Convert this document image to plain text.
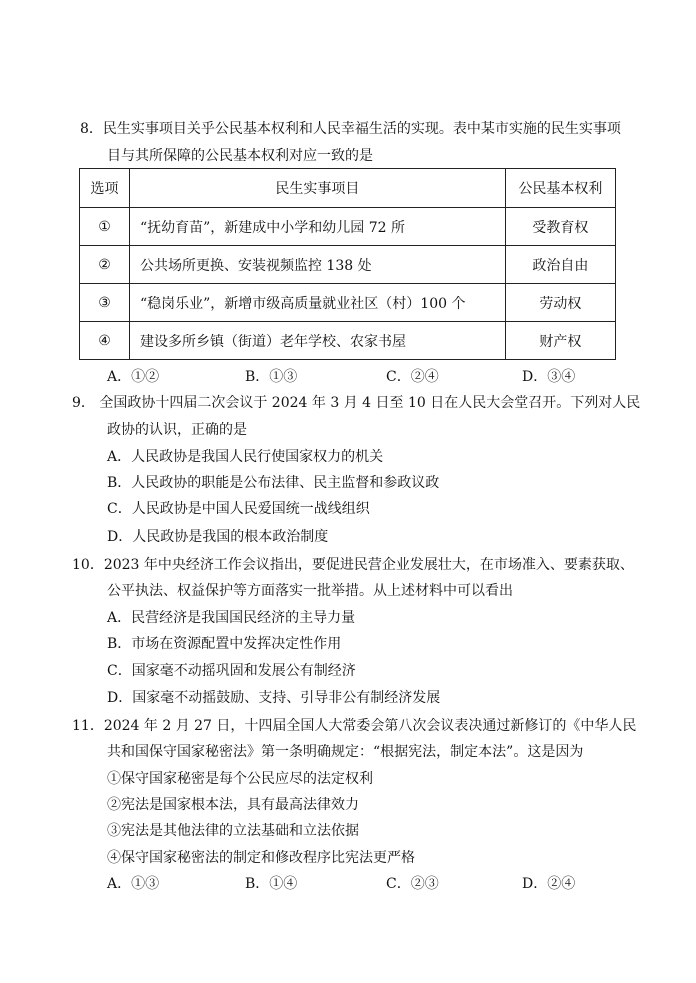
8．民生实事项目关乎公民基本权利和人民幸福生活的实现。表中某市实施的民生实事项
目与其所保障的公民基本权利对应一致的是
选项	民生实事项目	公民基本权利
①	“抚幼育苗”，新建成中小学和幼儿园 72 所	受教育权
②	公共场所更换、安装视频监控 138 处	政治自由
③	“稳岗乐业”，新增市级高质量就业社区（村）100 个	劳动权
④	建设多所乡镇（街道）老年学校、农家书屋	财产权
A．①②	B．①③	C．②④	D．③④
9． 全国政协十四届二次会议于 2024 年 3 月 4 日至 10 日在人民大会堂召开。下列对人民
政协的认识，正确的是
A．人民政协是我国人民行使国家权力的机关
B．人民政协的职能是公布法律、民主监督和参政议政
C．人民政协是中国人民爱国统一战线组织
D．人民政协是我国的根本政治制度
10．2023 年中央经济工作会议指出，要促进民营企业发展壮大，在市场准入、要素获取、
公平执法、权益保护等方面落实一批举措。从上述材料中可以看出
A．民营经济是我国国民经济的主导力量
B．市场在资源配置中发挥决定性作用
C．国家毫不动摇巩固和发展公有制经济
D．国家毫不动摇鼓励、支持、引导非公有制经济发展
11．2024 年 2 月 27 日，十四届全国人大常委会第八次会议表决通过新修订的《中华人民
共和国保守国家秘密法》第一条明确规定：“根据宪法，制定本法”。这是因为
①保守国家秘密是每个公民应尽的法定权利
②宪法是国家根本法，具有最高法律效力
③宪法是其他法律的立法基础和立法依据
④保守国家秘密法的制定和修改程序比宪法更严格
A．①③	B．①④	C．②③	D．②④
